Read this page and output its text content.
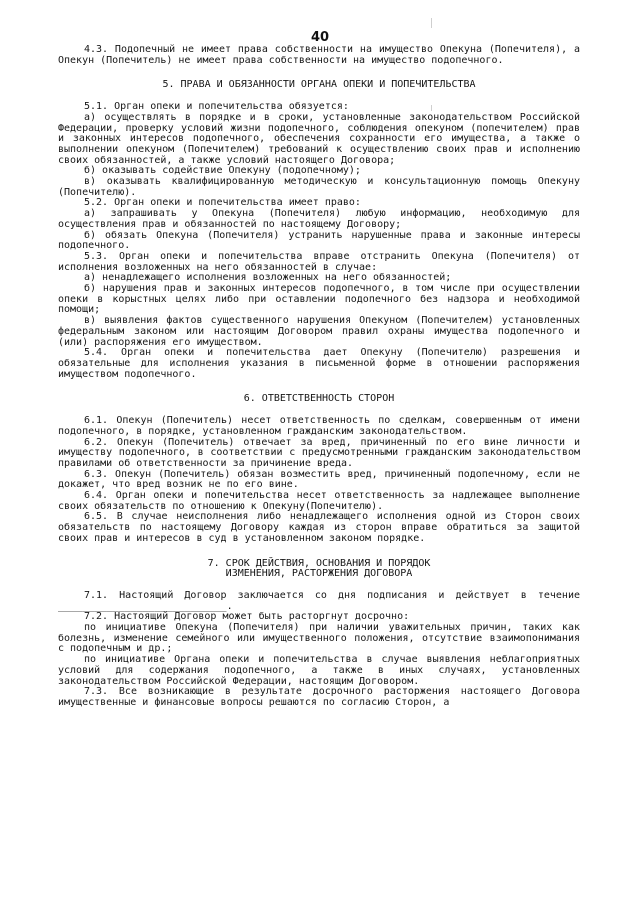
40

4.3. Подопечный не имеет права собственности на имуществo Опекуна (Попечителя), а Опекун (Попечитель) не имеет права собственности на имущество подопечного.

5. ПРАВА И ОБЯЗАННОСТИ ОРГАНА ОПЕКИ И ПОПЕЧИТЕЛЬСТВА

5.1. Орган опеки и попечительства обязуется:

а) осуществлять в порядке и в сроки, установленные законодательством Российской Федерации, проверку условий жизни подопечного, соблюдения опекуном (попечителем) прав и законных интересов подопечного, обеспечения сохранности его имущества, а также о выполнении опекуном (Попечителем) требований к осуществлению своих прав и исполнению своих обязанностей, а также условий настоящего Договора;

б) оказывать содействие Опекуну (подопечному);

в) оказывать квалифицированную методическую и консультационную помощь Опекуну (Попечителю).

5.2. Орган опеки и попечительства имеет право:

а) запрашивать у Опекуна (Попечителя) любую информацию, необходимую для осуществления прав и обязанностей по настоящему Договору;

б) обязать Опекуна (Попечителя) устранить нарушенные права и законные интересы подопечного.

5.3. Орган опеки и попечительства вправе отстранить Опекуна (Попечителя) от исполнения возложенных на него обязанностей в случае:

а) ненадлежащего исполнения возложенных на него обязанностей;

б) нарушения прав и законных интересов подопечного, в том числе при осуществлении опеки в корыстных целях либо при оставлении подопечного без надзора и необходимой помощи;

в) выявления фактов существенного нарушения Опекуном (Попечителем) установленных федеральным законом или настоящим Договором правил охраны имущества подопечного и (или) распоряжения его имуществом.

5.4. Орган опеки и попечительства дает Опекуну (Попечителю) разрешения и обязательные для исполнения указания в письменной форме в отношении распоряжения имуществом подопечного.

6. ОТВЕТСТВЕННОСТЬ СТОРОН

6.1. Опекун (Попечитель) несет ответственность по сделкам, совершенным от имени подопечного, в порядке, установленном гражданским законодательством.

6.2. Опекун (Попечитель) отвечает за вред, причиненный по его вине личности и имуществу подопечного, в соответствии с предусмотренными гражданским законодательством правилами об ответственности за причинение вреда.

6.3. Опекун (Попечитель) обязан возместить вред, причиненный подопечному, если не докажет, что вред возник не по его вине.

6.4. Орган опеки и попечительства несет ответственность за надлежащее выполнение своих обязательств по отношению к Опекуну(Попечителю).

6.5. В случае неисполнения либо ненадлежащего исполнения одной из Сторон своих обязательств по настоящему Договору каждая из сторон вправе обратиться за защитой своих прав и интересов в суд в установленном законом порядке.

7. СРОК ДЕЙСТВИЯ, ОСНОВАНИЯ И ПОРЯДОК
ИЗМЕНЕНИЯ, РАСТОРЖЕНИЯ ДОГОВОРА

7.1. Настоящий Договор заключается со дня подписания и действует в течение ____________________________.

7.2. Настоящий Договор может быть расторгнут досрочно:

по инициативе Опекуна (Попечителя) при наличии уважительных причин, таких как болезнь, изменение семейного или имущественного положения, отсутствие взаимопонимания с подопечным и др.;

по инициативе Органа опеки и попечительства в случае выявления неблагоприятных условий для содержания подопечного, а также в иных случаях, установленных законодательством Российской Федерации, настоящим Договором.

7.3. Все возникающие в результате досрочного расторжения настоящего Договора имущественные и финансовые вопросы решаются по согласию Сторон, а
